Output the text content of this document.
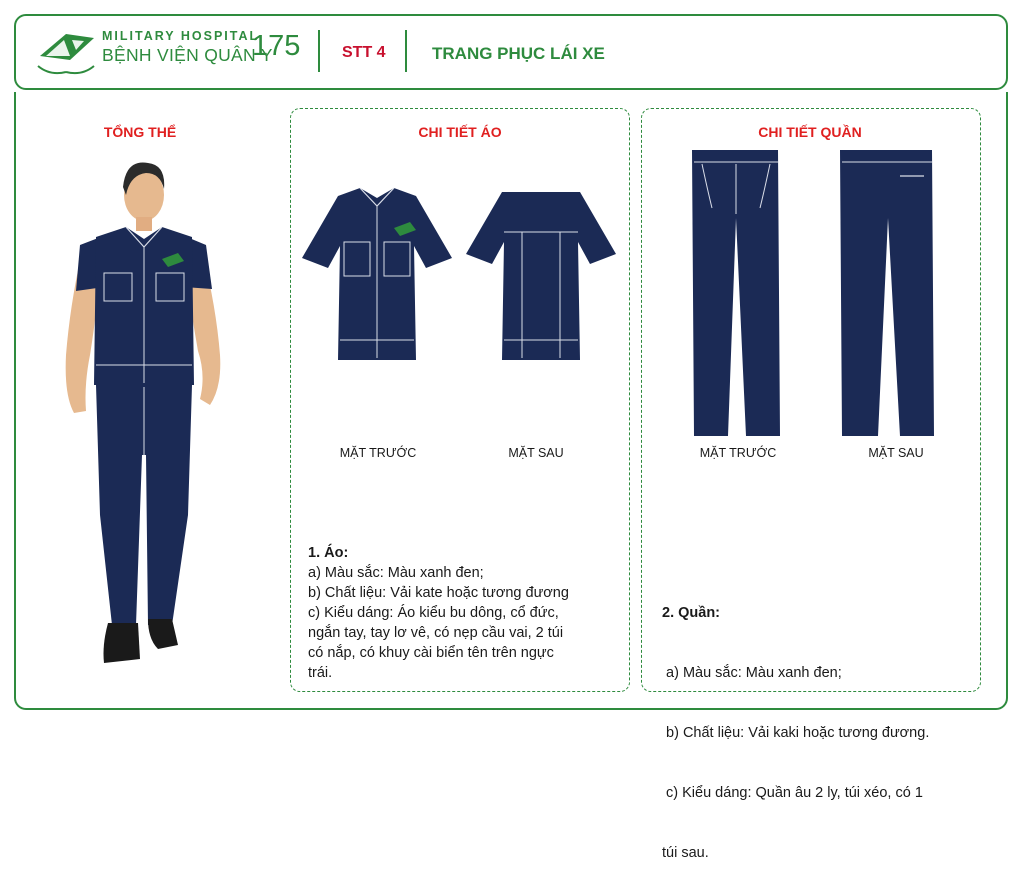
MILITARY HOSPITAL
BỆNH VIỆN QUÂN Y
175	STT 4	TRANG PHỤC LÁI XE
TỔNG THỂ	CHI TIẾT ÁO	CHI TIẾT QUẦN
MẶT TRƯỚC	MẶT SAU	MẶT TRƯỚC	MẶT SAU

1. Áo:

a) Màu sắc: Màu xanh đen;

b) Chất liệu: Vải kate hoặc tương đương

c) Kiểu dáng: Áo kiểu bu dông, cổ đức,

ngắn tay, tay lơ vê, có nẹp cầu vai, 2 túi

có nắp, có khuy cài biển tên trên ngực

trái.

2. Quần:

a) Màu sắc: Màu xanh đen;

b) Chất liệu: Vải kaki hoặc tương đương.

c) Kiểu dáng: Quần âu 2 ly, túi xéo, có 1

túi sau.
